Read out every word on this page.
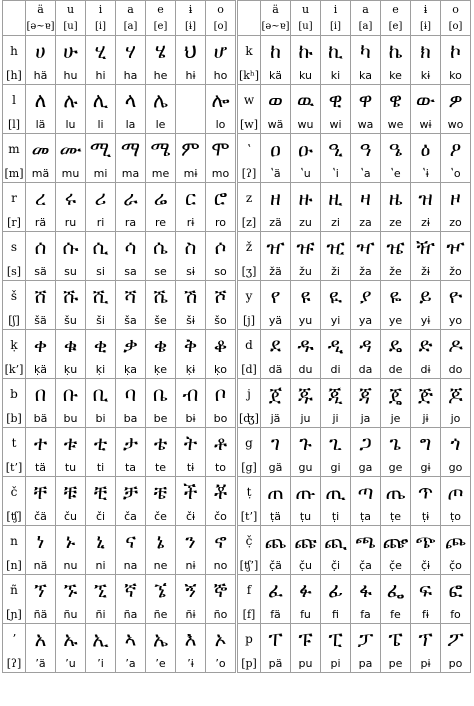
	ä	u	i	a	e	ɨ	o
	[ə~ɐ]	[u]	[i]	[a]	[e]	[ɨ]	[o]
h	ሀ	ሁ	ሂ	ሃ	ሄ	ህ	ሆ
[h]	hä	hu	hi	ha	he	hɨ	ho
l	ለ	ሉ	ሊ	ላ	ሌ		ሎ
[l]	lä	lu	li	la	le		lo
m	መ	ሙ	ሚ	ማ	ሜ	ም	ሞ
[m]	mä	mu	mi	ma	me	mɨ	mo
r	ረ	ሩ	ሪ	ራ	ሬ	ር	ሮ
[r]	rä	ru	ri	ra	re	rɨ	ro
s	ሰ	ሱ	ሲ	ሳ	ሴ	ስ	ሶ
[s]	sä	su	si	sa	se	sɨ	so
š	ሸ	ሹ	ሺ	ሻ	ሼ	ሽ	ሾ
[ʃ]	šä	šu	ši	ša	še	šɨ	šo
ḳ	ቀ	ቁ	ቂ	ቃ	ቄ	ቅ	ቆ
[k’]	ḳä	ḳu	ḳi	ḳa	ḳe	ḳɨ	ḳo
b	በ	ቡ	ቢ	ባ	ቤ	ብ	ቦ
[b]	bä	bu	bi	ba	be	bɨ	bo
t	ተ	ቱ	ቲ	ታ	ቴ	ት	ቶ
[t’]	tä	tu	ti	ta	te	tɨ	to
č	ቸ	ቹ	ቺ	ቻ	ቼ	ች	ቾ
[ʧ]	čä	ču	či	ča	če	čɨ	čo
n	ነ	ኑ	ኒ	ና	ኔ	ን	ኖ
[n]	nä	nu	ni	na	ne	nɨ	no
ñ	ኘ	ኙ	ኚ	ኛ	ኜ	ኝ	ኞ
[ɲ]	ñä	ñu	ñi	ña	ñe	ñɨ	ño
ʼ	አ	ኡ	ኢ	ኣ	ኤ	እ	ኦ
[ʔ]	ʼä	ʼu	ʼi	ʼa	ʼe	ʼɨ	ʼo
	ä	u	i	a	e	ɨ	o
	[ə~ɐ]	[u]	[i]	[a]	[e]	[ɨ]	[o]
k	ከ	ኩ	ኪ	ካ	ኬ	ክ	ኮ
[kʰ]	kä	ku	ki	ka	ke	kɨ	ko
w	ወ	ዉ	ዊ	ዋ	ዌ	ው	ዎ
[w]	wä	wu	wi	wa	we	wɨ	wo
ʽ	ዐ	ዑ	ዒ	ዓ	ዔ	ዕ	ዖ
[ʔ]	ʽä	ʽu	ʽi	ʽa	ʽe	ʽɨ	ʽo
z	ዘ	ዙ	ዚ	ዛ	ዜ	ዝ	ዞ
[z]	zä	zu	zi	za	ze	zɨ	zo
ž	ዠ	ዡ	ዢ	ዣ	ዤ	ዥ	ዦ
[ʒ]	žä	žu	ži	ža	že	žɨ	žo
y	የ	ዩ	ዪ	ያ	ዬ	ይ	ዮ
[j]	yä	yu	yi	ya	ye	yɨ	yo
d	ደ	ዱ	ዲ	ዳ	ዴ	ድ	ዶ
[d]	dä	du	di	da	de	dɨ	do
j	ጀ	ጁ	ጂ	ጃ	ጄ	ጅ	ጆ
[ʤ]	jä	ju	ji	ja	je	jɨ	jo
g	ገ	ጉ	ጊ	ጋ	ጌ	ግ	ጎ
[g]	gä	gu	gi	ga	ge	gɨ	go
ṭ	ጠ	ጡ	ጢ	ጣ	ጤ	ጥ	ጦ
[t’]	ṭä	ṭu	ṭi	ṭa	ṭe	ṭɨ	ṭo
č̣	ጨ	ጩ	ጪ	ጫ	ጬ	ጭ	ጮ
[ʧ’]	č̣ä	č̣u	č̣i	č̣a	č̣e	č̣ɨ	č̣o
f	ፈ	ፉ	ፊ	ፋ	ፌ	ፍ	ፎ
[f]	fä	fu	fi	fa	fe	fɨ	fo
p	ፐ	ፑ	ፒ	ፓ	ፔ	ፕ	ፖ
[p]	pä	pu	pi	pa	pe	pɨ	po
